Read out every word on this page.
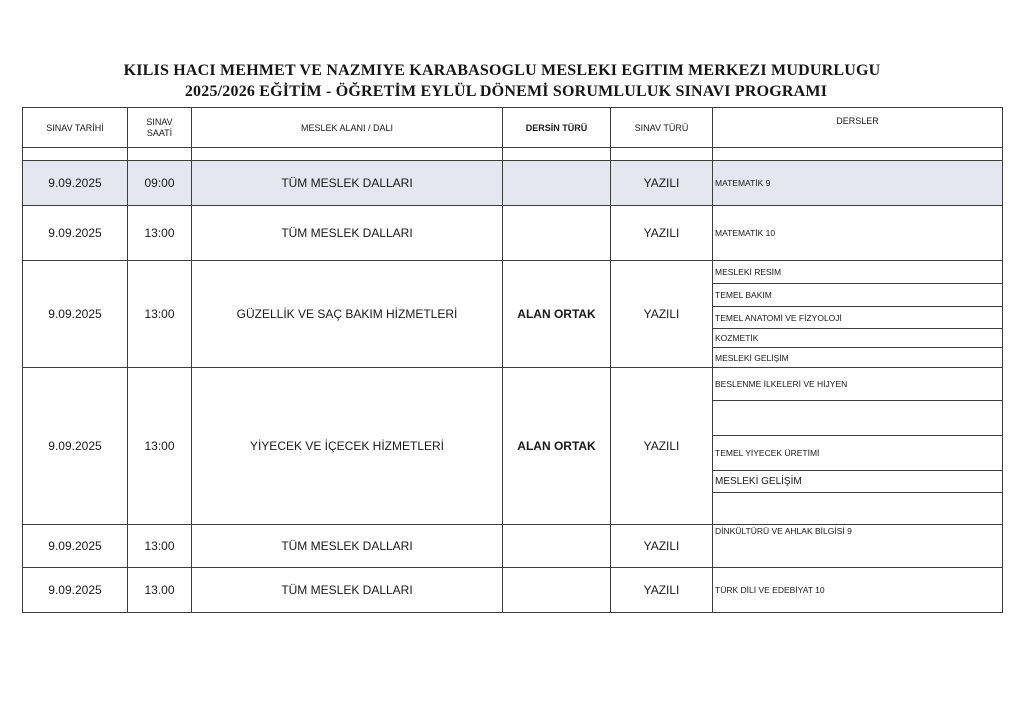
KILIS HACI MEHMET VE NAZMIYE KARABASOGLU MESLEKI EGITIM MERKEZI MUDURLUGU
2025/2026 EĞİTİM - ÖĞRETİM EYLÜL DÖNEMİ SORUMLULUK SINAVI PROGRAMI
SINAV TARİHİ	SINAV SAATİ	MESLEK ALANI / DALI	DERSİN TÜRÜ	SINAV TÜRÜ	DERSLER

9.09.2025	09:00	TÜM MESLEK DALLARI		YAZILI	MATEMATİK 9

9.09.2025	13:00	TÜM MESLEK DALLARI		YAZILI	MATEMATİK 10

9.09.2025	13:00	GÜZELLİK VE SAÇ BAKIM HİZMETLERİ	ALAN ORTAK	YAZILI	MESLEKİ RESİM
TEMEL BAKIM
TEMEL ANATOMİ VE FİZYOLOJİ
KOZMETİK
MESLEKİ GELİŞİM

9.09.2025	13:00	YİYECEK VE İÇECEK HİZMETLERİ	ALAN ORTAK	YAZILI	BESLENME İLKELERİ VE HİJYEN
TEMEL YİYECEK ÜRETİMİ
MESLEKİ GELİŞİM

9.09.2025	13:00	TÜM MESLEK DALLARI		YAZILI	DİNKÜLTÜRÜ VE AHLAK BİLGİSİ 9

9.09.2025	13.00	TÜM MESLEK DALLARI		YAZILI	TÜRK DİLİ VE EDEBİYAT 10
